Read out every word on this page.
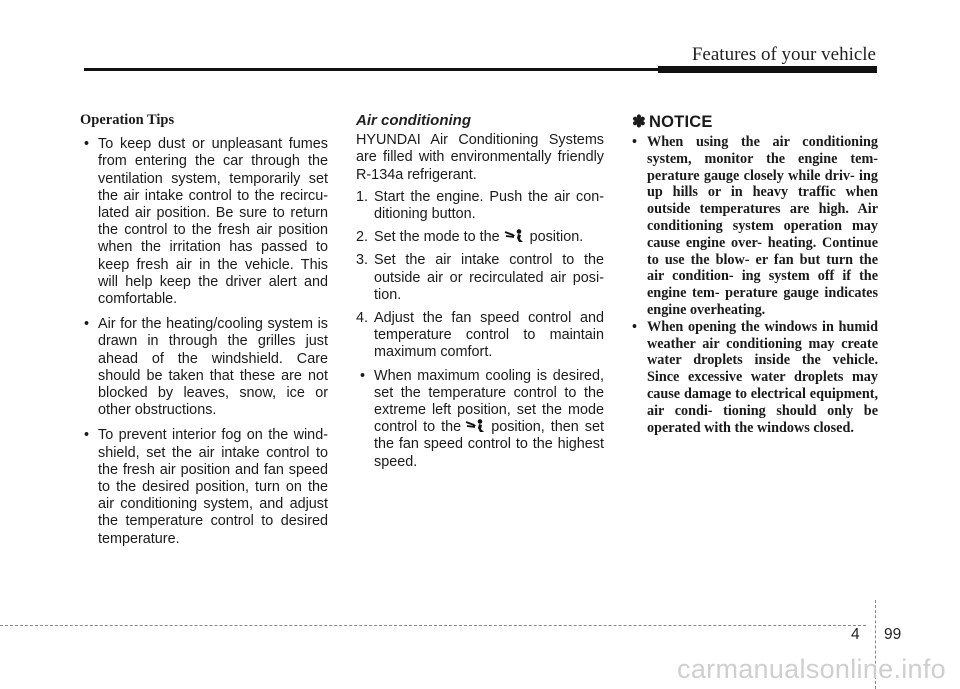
Features of your vehicle
Operation Tips
• To keep dust or unpleasant fumes from entering the car through the ventilation system, temporarily set the air intake control to the recircu- lated air position. Be sure to return the control to the fresh air position when the irritation has passed to keep fresh air in the vehicle. This will help keep the driver alert and comfortable.
• Air for the heating/cooling system is drawn in through the grilles just ahead of the windshield. Care should be taken that these are not blocked by leaves, snow, ice or other obstructions.
• To prevent interior fog on the wind- shield, set the air intake control to the fresh air position and fan speed to the desired position, turn on the air conditioning system, and adjust the temperature control to desired temperature.
Air conditioning
HYUNDAI Air Conditioning Systems are filled with environmentally friendly R-134a refrigerant.
1. Start the engine. Push the air con- ditioning button.
2. Set the mode to the position.
3. Set the air intake control to the outside air or recirculated air posi- tion.
4. Adjust the fan speed control and temperature control to maintain maximum comfort.
• When maximum cooling is desired, set the temperature control to the extreme left position, set the mode control to the position, then set the fan speed control to the highest speed.
✽ NOTICE
• When using the air conditioning system, monitor the engine tem- perature gauge closely while driv- ing up hills or in heavy traffic when outside temperatures are high. Air conditioning system operation may cause engine over- heating. Continue to use the blow- er fan but turn the air condition- ing system off if the engine tem- perature gauge indicates engine overheating.
• When opening the windows in humid weather air conditioning may create water droplets inside the vehicle. Since excessive water droplets may cause damage to electrical equipment, air condi- tioning should only be operated with the windows closed.
4 99
carmanualsonline.info
